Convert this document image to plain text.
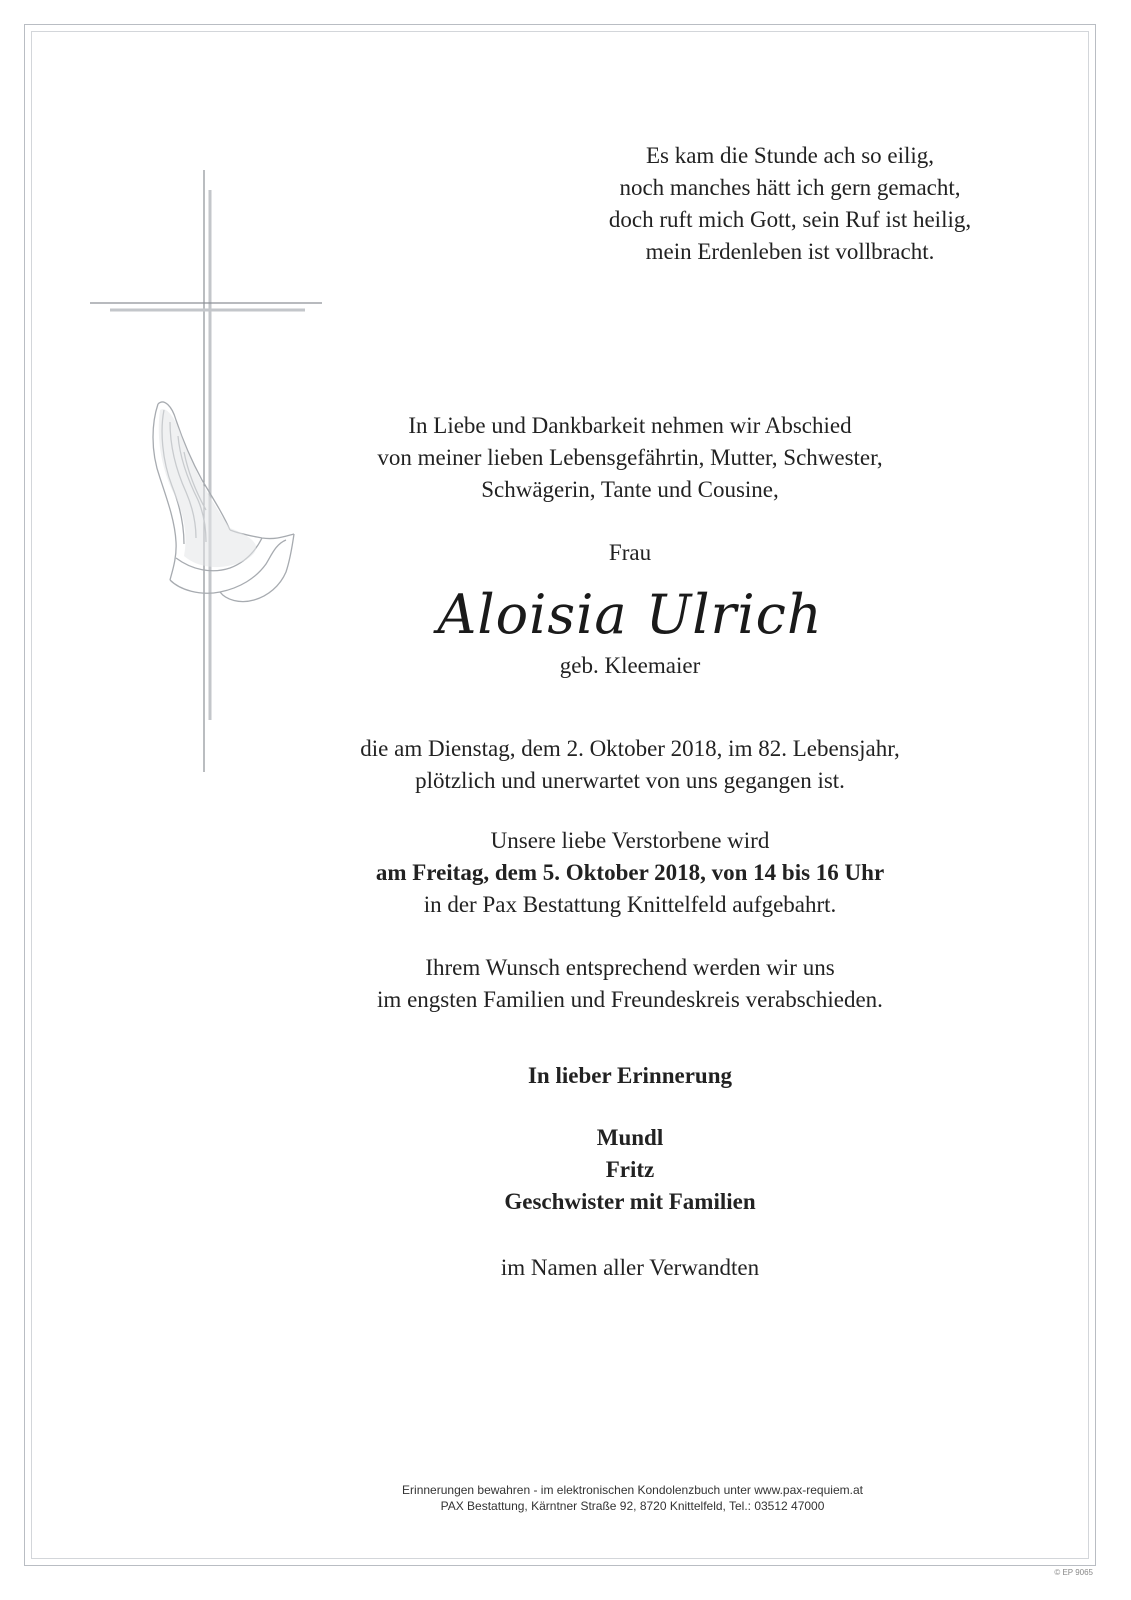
Es kam die Stunde ach so eilig,

noch manches hätt ich gern gemacht,

doch ruft mich Gott, sein Ruf ist heilig,

mein Erdenleben ist vollbracht.

In Liebe und Dankbarkeit nehmen wir Abschied

von meiner lieben Lebensgefährtin, Mutter, Schwester,

Schwägerin, Tante und Cousine,

Frau

Aloisia Ulrich

geb. Kleemaier

die am Dienstag, dem 2. Oktober 2018, im 82. Lebensjahr,

plötzlich und unerwartet von uns gegangen ist.

Unsere liebe Verstorbene wird

am Freitag, dem 5. Oktober 2018, von 14 bis 16 Uhr

in der Pax Bestattung Knittelfeld aufgebahrt.

Ihrem Wunsch entsprechend werden wir uns

im engsten Familien und Freundeskreis verabschieden.

In lieber Erinnerung

Mundl

Fritz

Geschwister mit Familien

im Namen aller Verwandten

Erinnerungen bewahren - im elektronischen Kondolenzbuch unter www.pax-requiem.at

PAX Bestattung, Kärntner Straße 92, 8720 Knittelfeld, Tel.: 03512 47000

© EP 9065
